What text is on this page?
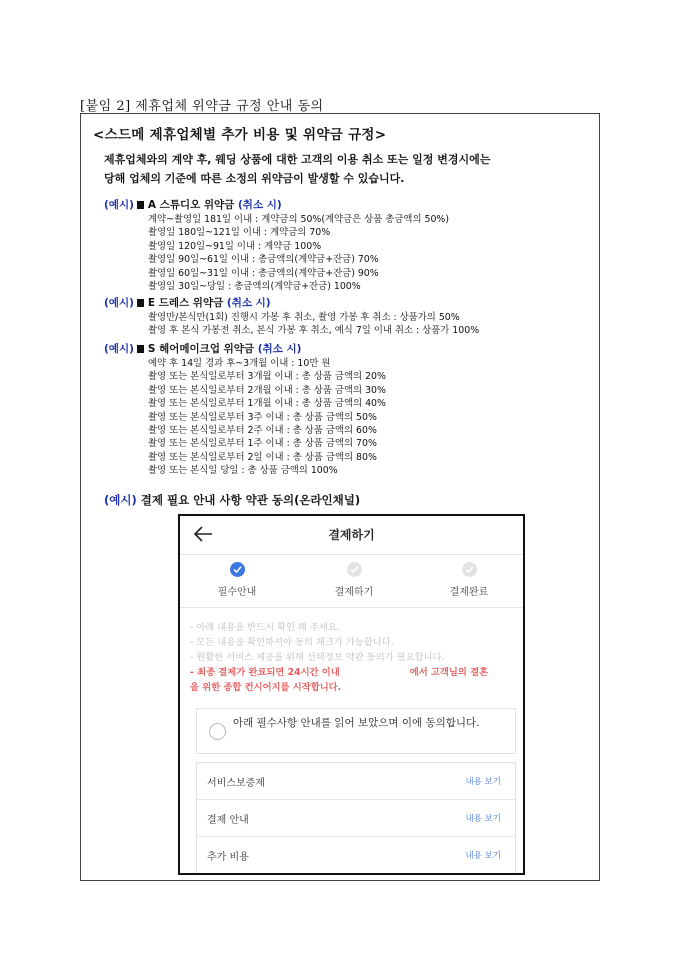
[붙임 2] 제휴업체 위약금 규정 안내 동의
<스드메 제휴업체별 추가 비용 및 위약금 규정>
제휴업체와의 계약 후, 웨딩 상품에 대한 고객의 이용 취소 또는 일정 변경시에는
당해 업체의 기준에 따른 소정의 위약금이 발생할 수 있습니다.
(예시) A 스튜디오 위약금 (취소 시)
계약~촬영일 181일 이내 : 계약금의 50%(계약금은 상품 총금액의 50%)
촬영일 180일~121일 이내 : 계약금의 70%
촬영일 120일~91일 이내 : 계약금 100%
촬영일 90일~61일 이내 : 총금액의(계약금+잔금) 70%
촬영일 60일~31일 이내 : 총금액의(계약금+잔금) 90%
촬영일 30일~당일 : 총금액의(계약금+잔금) 100%
(예시) E 드레스 위약금 (취소 시)
촬영만/본식만(1회) 진행시 가봉 후 취소, 촬영 가봉 후 취소 : 상품가의 50%
촬영 후 본식 가봉전 취소, 본식 가봉 후 취소, 예식 7일 이내 취소 : 상품가 100%
(예시) S 헤어메이크업 위약금 (취소 시)
예약 후 14일 경과 후~3개월 이내 : 10만 원
촬영 또는 본식일로부터 3개월 이내 : 총 상품 금액의 20%
촬영 또는 본식일로부터 2개월 이내 : 총 상품 금액의 30%
촬영 또는 본식일로부터 1개월 이내 : 총 상품 금액의 40%
촬영 또는 본식일로부터 3주 이내 : 총 상품 금액의 50%
촬영 또는 본식일로부터 2주 이내 : 총 상품 금액의 60%
촬영 또는 본식일로부터 1주 이내 : 총 상품 금액의 70%
촬영 또는 본식일로부터 2일 이내 : 총 상품 금액의 80%
촬영 또는 본식일 당일 : 총 상품 금액의 100%
(예시) 결제 필요 안내 사항 약관 동의(온라인채널)
결제하기
필수안내	결제하기	결제완료
- 아래 내용을 반드시 확인 해 주세요.
- 모든 내용을 확인하셔야 동의 체크가 가능합니다.
- 원활한 서비스 제공을 위해 선택정보 약관 동의가 필요합니다.
- 최종 결제가 완료되면 24시간 이내	에서 고객님의 결혼
을 위한 종합 컨시어지를 시작합니다.
아래 필수사항 안내를 읽어 보았으며 이에 동의합니다.
서비스보증제	내용 보기
결제 안내	내용 보기
추가 비용	내용 보기
